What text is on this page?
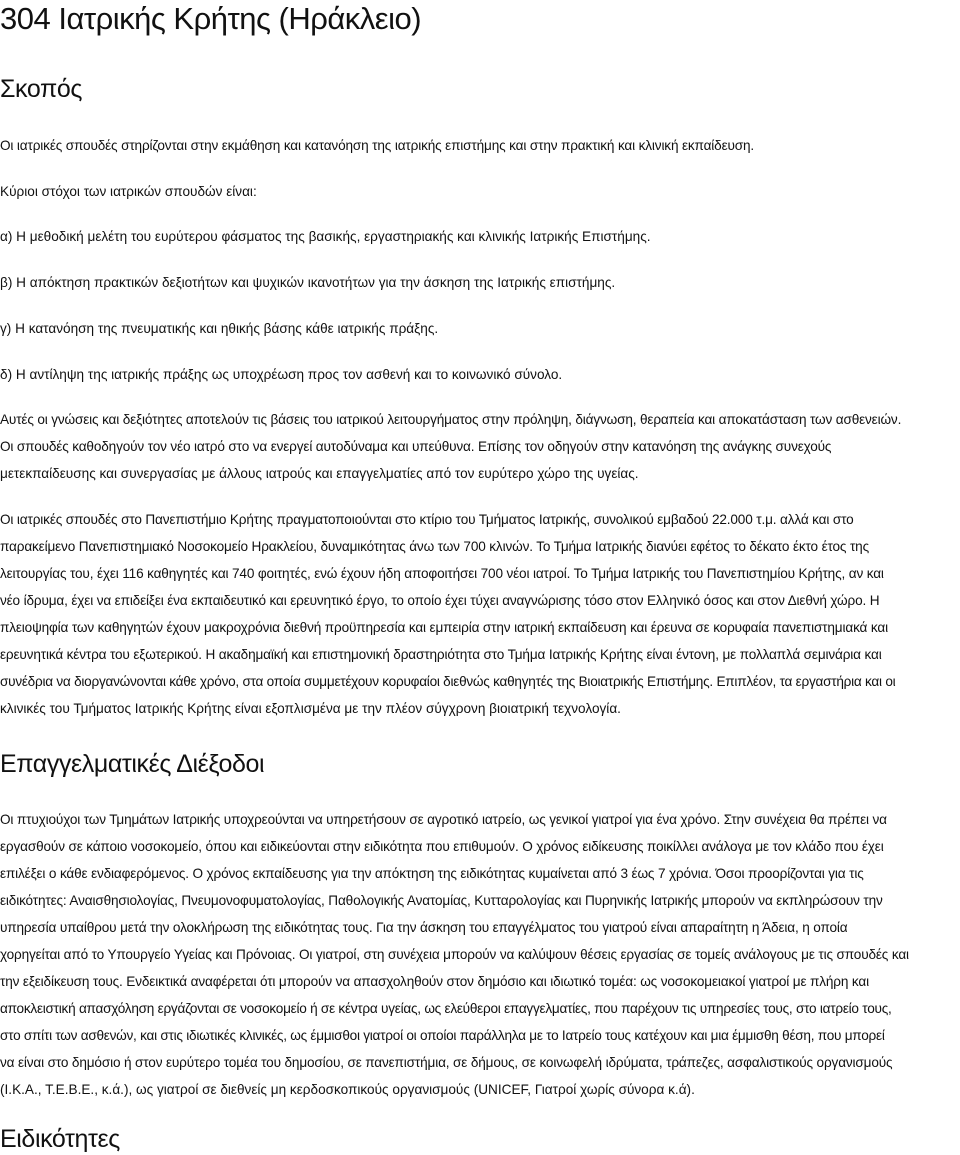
304 Ιατρικής Κρήτης (Ηράκλειο)
Σκοπός

Οι ιατρικές σπουδές στηρίζονται στην εκμάθηση και κατανόηση της ιατρικής επιστήμης και στην πρακτική και κλινική εκπαίδευση.

Κύριοι στόχοι των ιατρικών σπουδών είναι:

α) Η μεθοδική μελέτη του ευρύτερου φάσματος της βασικής, εργαστηριακής και κλινικής Ιατρικής Επιστήμης.

β) Η απόκτηση πρακτικών δεξιοτήτων και ψυχικών ικανοτήτων για την άσκηση της Ιατρικής επιστήμης.

γ) Η κατανόηση της πνευματικής και ηθικής βάσης κάθε ιατρικής πράξης.

δ) Η αντίληψη της ιατρικής πράξης ως υποχρέωση προς τον ασθενή και το κοινωνικό σύνολο.

Αυτές οι γνώσεις και δεξιότητες αποτελούν τις βάσεις του ιατρικού λειτουργήματος στην πρόληψη, διάγνωση, θεραπεία και αποκατάσταση των ασθενειών.

Οι σπουδές καθοδηγούν τον νέο ιατρό στο να ενεργεί αυτοδύναμα και υπεύθυνα. Επίσης τον οδηγούν στην κατανόηση της ανάγκης συνεχούς

μετεκπαίδευσης και συνεργασίας με άλλους ιατρούς και επαγγελματίες από τον ευρύτερο χώρο της υγείας.

Οι ιατρικές σπουδές στο Πανεπιστήμιο Κρήτης πραγματοποιούνται στο κτίριο του Τμήματος Ιατρικής, συνολικού εμβαδού 22.000 τ.μ. αλλά και στο

παρακείμενο Πανεπιστημιακό Νοσοκομείο Ηρακλείου, δυναμικότητας άνω των 700 κλινών. Το Τμήμα Ιατρικής διανύει εφέτος το δέκατο έκτο έτος της

λειτουργίας του, έχει 116 καθηγητές και 740 φοιτητές, ενώ έχουν ήδη αποφοιτήσει 700 νέοι ιατροί. Το Τμήμα Ιατρικής του Πανεπιστημίου Κρήτης, αν και

νέο ίδρυμα, έχει να επιδείξει ένα εκπαιδευτικό και ερευνητικό έργο, το οποίο έχει τύχει αναγνώρισης τόσο στον Ελληνικό όσος και στον Διεθνή χώρο. Η

πλειοψηφία των καθηγητών έχουν μακροχρόνια διεθνή προϋπηρεσία και εμπειρία στην ιατρική εκπαίδευση και έρευνα σε κορυφαία πανεπιστημιακά και

ερευνητικά κέντρα του εξωτερικού. Η ακαδημαϊκή και επιστημονική δραστηριότητα στο Τμήμα Ιατρικής Κρήτης είναι έντονη, με πολλαπλά σεμινάρια και

συνέδρια να διοργανώνονται κάθε χρόνο, στα οποία συμμετέχουν κορυφαίοι διεθνώς καθηγητές της Βιοιατρικής Επιστήμης. Επιπλέον, τα εργαστήρια και οι

κλινικές του Τμήματος Ιατρικής Κρήτης είναι εξοπλισμένα με την πλέον σύγχρονη βιοιατρική τεχνολογία.

Επαγγελματικές Διέξοδοι

Οι πτυχιούχοι των Τμημάτων Ιατρικής υποχρεούνται να υπηρετήσουν σε αγροτικό ιατρείο, ως γενικοί γιατροί για ένα χρόνο. Στην συνέχεια θα πρέπει να

εργασθούν σε κάποιο νοσοκομείο, όπου και ειδικεύονται στην ειδικότητα που επιθυμούν. Ο χρόνος ειδίκευσης ποικίλλει ανάλογα με τον κλάδο που έχει

επιλέξει ο κάθε ενδιαφερόμενος. Ο χρόνος εκπαίδευσης για την απόκτηση της ειδικότητας κυμαίνεται από 3 έως 7 χρόνια. Όσοι προορίζονται για τις

ειδικότητες: Αναισθησιολογίας, Πνευμονοφυματολογίας, Παθολογικής Ανατομίας, Κυτταρολογίας και Πυρηνικής Ιατρικής μπορούν να εκπληρώσουν την

υπηρεσία υπαίθρου μετά την ολοκλήρωση της ειδικότητας τους. Για την άσκηση του επαγγέλματος του γιατρού είναι απαραίτητη η Άδεια, η οποία

χορηγείται από το Υπουργείο Υγείας και Πρόνοιας. Οι γιατροί, στη συνέχεια μπορούν να καλύψουν θέσεις εργασίας σε τομείς ανάλογους με τις σπουδές και

την εξειδίκευση τους. Ενδεικτικά αναφέρεται ότι μπορούν να απασχοληθούν στον δημόσιο και ιδιωτικό τομέα: ως νοσοκομειακοί γιατροί με πλήρη και

αποκλειστική απασχόληση εργάζονται σε νοσοκομείο ή σε κέντρα υγείας, ως ελεύθεροι επαγγελματίες, που παρέχουν τις υπηρεσίες τους, στο ιατρείο τους,

στο σπίτι των ασθενών, και στις ιδιωτικές κλινικές, ως έμμισθοι γιατροί οι οποίοι παράλληλα με το Ιατρείο τους κατέχουν και μια έμμισθη θέση, που μπορεί

να είναι στο δημόσιο ή στον ευρύτερο τομέα του δημοσίου, σε πανεπιστήμια, σε δήμους, σε κοινωφελή ιδρύματα, τράπεζες, ασφαλιστικούς οργανισμούς

(Ι.Κ.Α., Τ.Ε.Β.Ε., κ.ά.), ως γιατροί σε διεθνείς μη κερδοσκοπικούς οργανισμούς (UNICEF, Γιατροί χωρίς σύνορα κ.ά).

Ειδικότητες
